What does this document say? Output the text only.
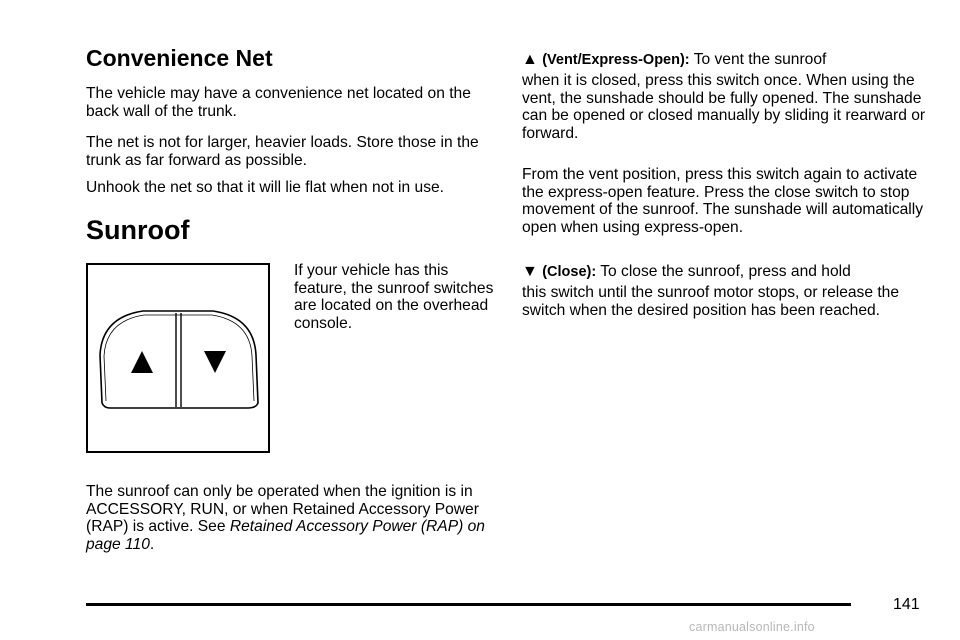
Convenience Net

The vehicle may have a convenience net located on the back wall of the trunk.

The net is not for larger, heavier loads. Store those in the trunk as far forward as possible.

Unhook the net so that it will lie flat when not in use.

Sunroof

If your vehicle has this feature, the sunroof switches are located on the overhead console.

The sunroof can only be operated when the ignition is in ACCESSORY, RUN, or when Retained Accessory Power (RAP) is active. See Retained Accessory Power (RAP) on page 110.

▲ (Vent/Express-Open): To vent the sunroof

when it is closed, press this switch once. When using the vent, the sunshade should be fully opened. The sunshade can be opened or closed manually by sliding it rearward or forward.

From the vent position, press this switch again to activate the express-open feature. Press the close switch to stop movement of the sunroof. The sunshade will automatically open when using express-open.

▼ (Close): To close the sunroof, press and hold

this switch until the sunroof motor stops, or release the switch when the desired position has been reached.

141
carmanualsonline.info
